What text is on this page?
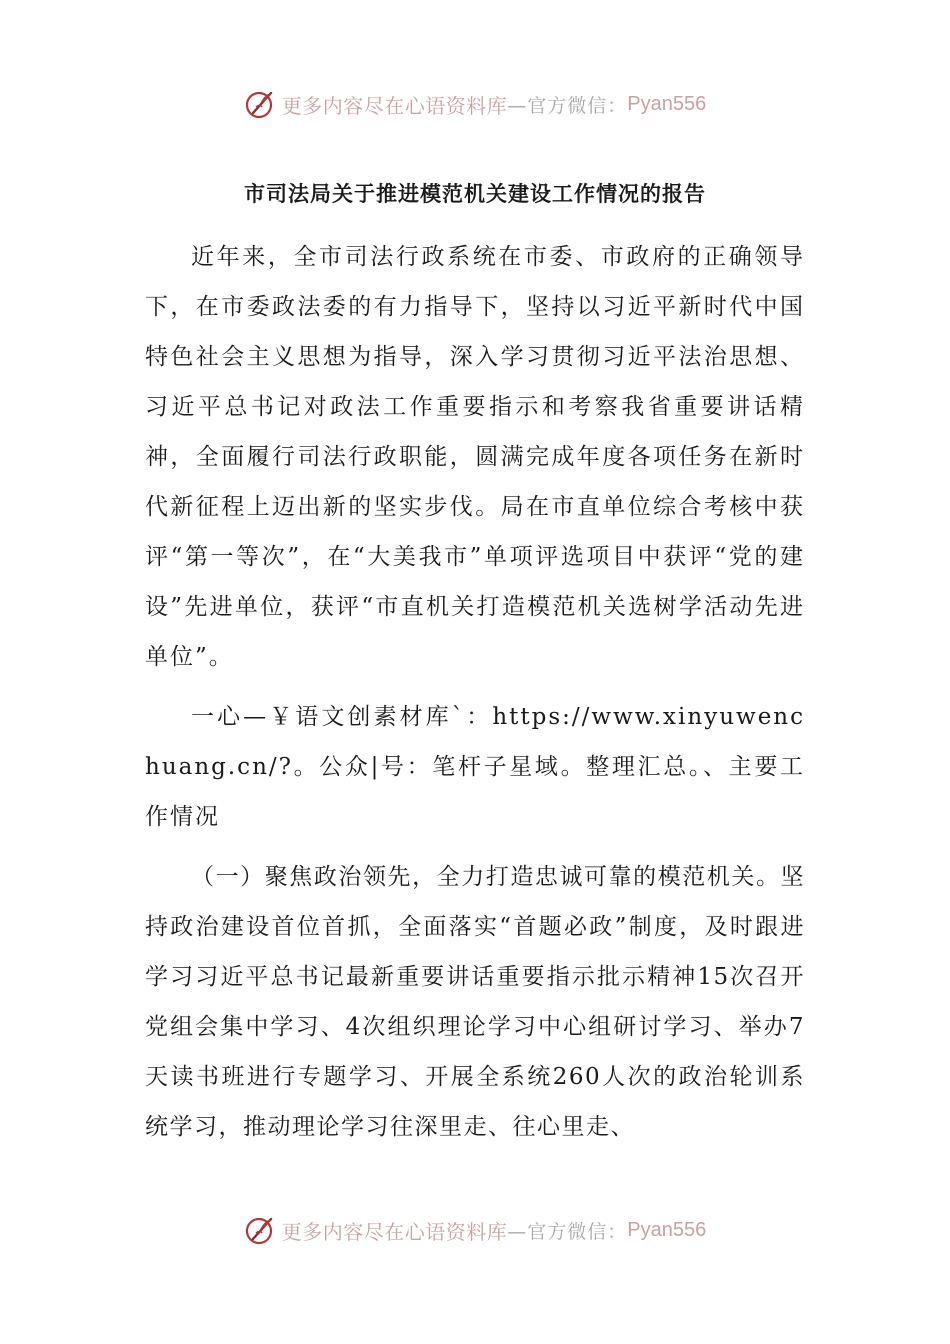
更多内容尽在心语资料库 —官方微信： Pyan556
市司法局关于推进模范机关建设工作情况的报告

近年来，全市司法行政系统在市委、市政府的正确领导下，在市委政法委的有力指导下，坚持以习近平新时代中国特色社会主义思想为指导，深入学习贯彻习近平法治思想、习近平总书记对政法工作重要指示和考察我省重要讲话精神，全面履行司法行政职能，圆满完成年度各项任务在新时代新征程上迈出新的坚实步伐。局在市直单位综合考核中获评“第一等次”，在“大美我市”单项评选项目中获评“党的建设”先进单位，获评“市直机关打造模范机关选树学活动先进单位”。

一心—￥语文创素材库`：https://www.xinyuwenchuang.cn/?。公众|号：笔杆子星域。整理汇总。、主要工作情况

（一）聚焦政治领先，全力打造忠诚可靠的模范机关。坚持政治建设首位首抓，全面落实“首题必政”制度，及时跟进学习习近平总书记最新重要讲话重要指示批示精神15次召开党组会集中学习、4次组织理论学习中心组研讨学习、举办7天读书班进行专题学习、开展全系统260人次的政治轮训系统学习，推动理论学习往深里走、往心里走、

更多内容尽在心语资料库 —官方微信： Pyan556
